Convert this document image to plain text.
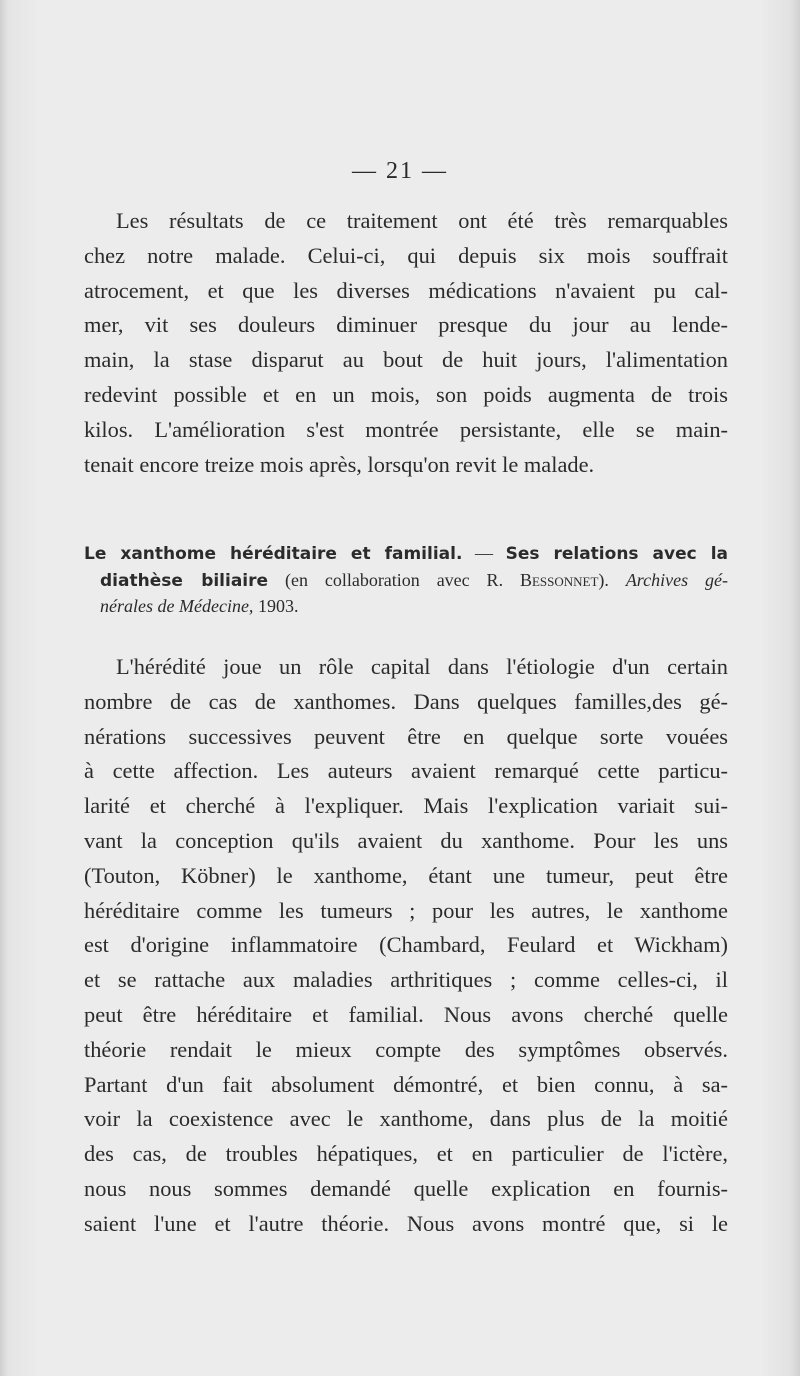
— 21 —
Les résultats de ce traitement ont été très remarquables
chez notre malade. Celui-ci, qui depuis six mois souffrait
atrocement, et que les diverses médications n'avaient pu cal-
mer, vit ses douleurs diminuer presque du jour au lende-
main, la stase disparut au bout de huit jours, l'alimentation
redevint possible et en un mois, son poids augmenta de trois
kilos. L'amélioration s'est montrée persistante, elle se main-
tenait encore treize mois après, lorsqu'on revit le malade.
Le xanthome héréditaire et familial. — Ses relations avec la
diathèse biliaire (en collaboration avec R. Bessonnet). Archives gé-
nérales de Médecine, 1903.
L'hérédité joue un rôle capital dans l'étiologie d'un certain
nombre de cas de xanthomes. Dans quelques familles,des gé-
nérations successives peuvent être en quelque sorte vouées
à cette affection. Les auteurs avaient remarqué cette particu-
larité et cherché à l'expliquer. Mais l'explication variait sui-
vant la conception qu'ils avaient du xanthome. Pour les uns
(Touton, Köbner) le xanthome, étant une tumeur, peut être
héréditaire comme les tumeurs ; pour les autres, le xanthome
est d'origine inflammatoire (Chambard, Feulard et Wickham)
et se rattache aux maladies arthritiques ; comme celles-ci, il
peut être héréditaire et familial. Nous avons cherché quelle
théorie rendait le mieux compte des symptômes observés.
Partant d'un fait absolument démontré, et bien connu, à sa-
voir la coexistence avec le xanthome, dans plus de la moitié
des cas, de troubles hépatiques, et en particulier de l'ictère,
nous nous sommes demandé quelle explication en fournis-
saient l'une et l'autre théorie. Nous avons montré que, si le
